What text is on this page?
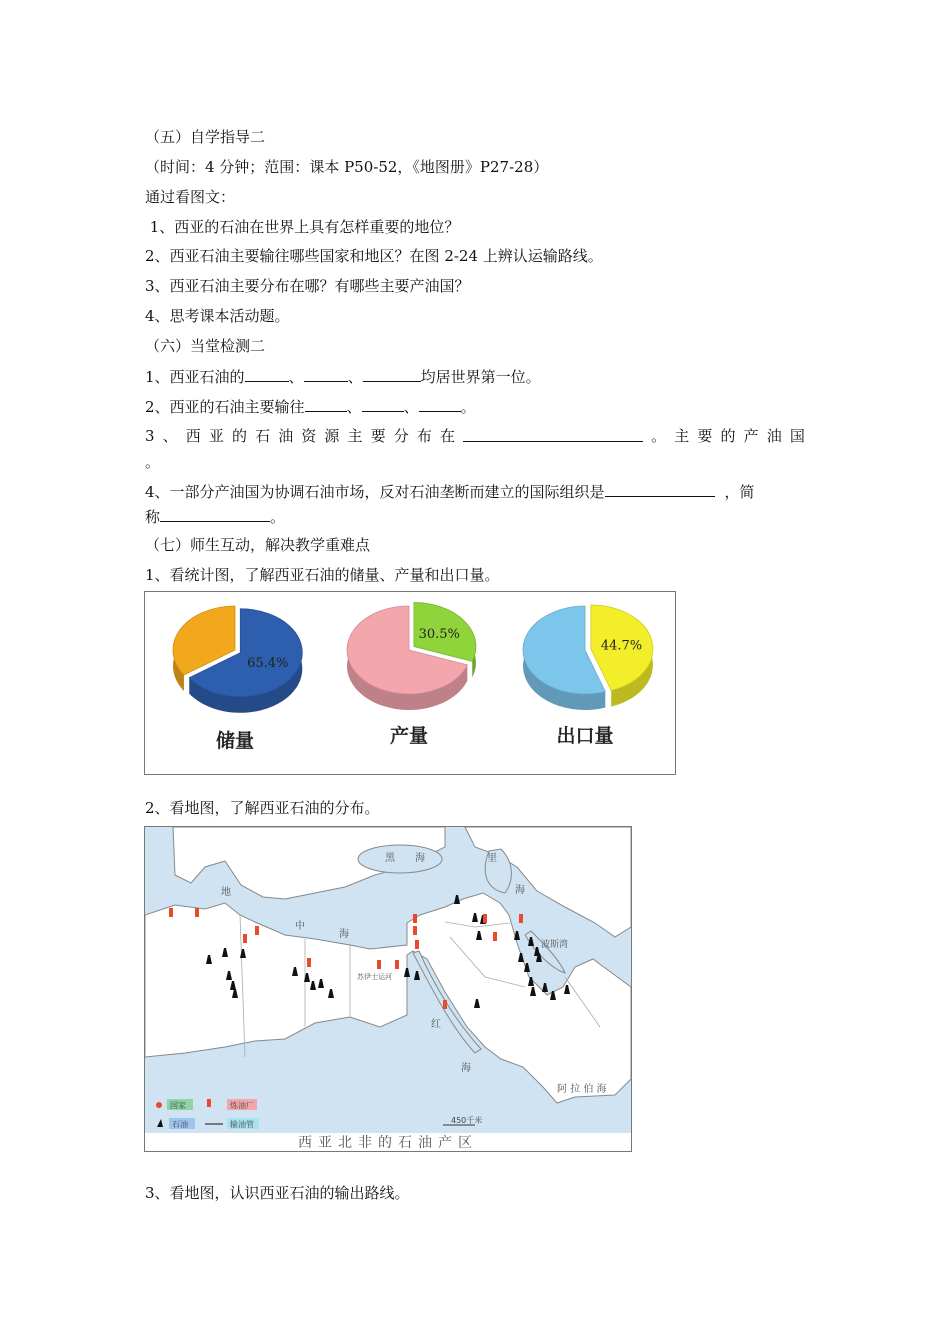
（五）自学指导二
（时间：4 分钟；范围：课本 P50-52，《地图册》P27-28）
通过看图文：
1、西亚的石油在世界上具有怎样重要的地位？
2、西亚石油主要输往哪些国家和地区？在图 2-24 上辨认运输路线。
3、西亚石油主要分布在哪？有哪些主要产油国？
4、思考课本活动题。
（六）当堂检测二
1、西亚石油的	、	、	均居世界第一位。
2、西亚的石油主要输往	、	、	。
3 、 西 亚 的 石 油 资 源 主 要 分 布 在	。 主 要 的 产 油 国
。
4、一部分产油国为协调石油市场，反对石油垄断而建立的国际组织是	，简
称	。
（七）师生互动，解决教学重难点
1、看统计图，了解西亚石油的储量、产量和出口量。
65.4%
储量
30.5%
产量
44.7%
出口量
2、看地图，了解西亚石油的分布。
黑 海	里
海
地
中
海
波斯湾
红
海
阿 拉 伯 海
苏伊士运河
国家	炼油厂
石油	输油管	450千米
西亚北非的石油产区
3、看地图，认识西亚石油的输出路线。
